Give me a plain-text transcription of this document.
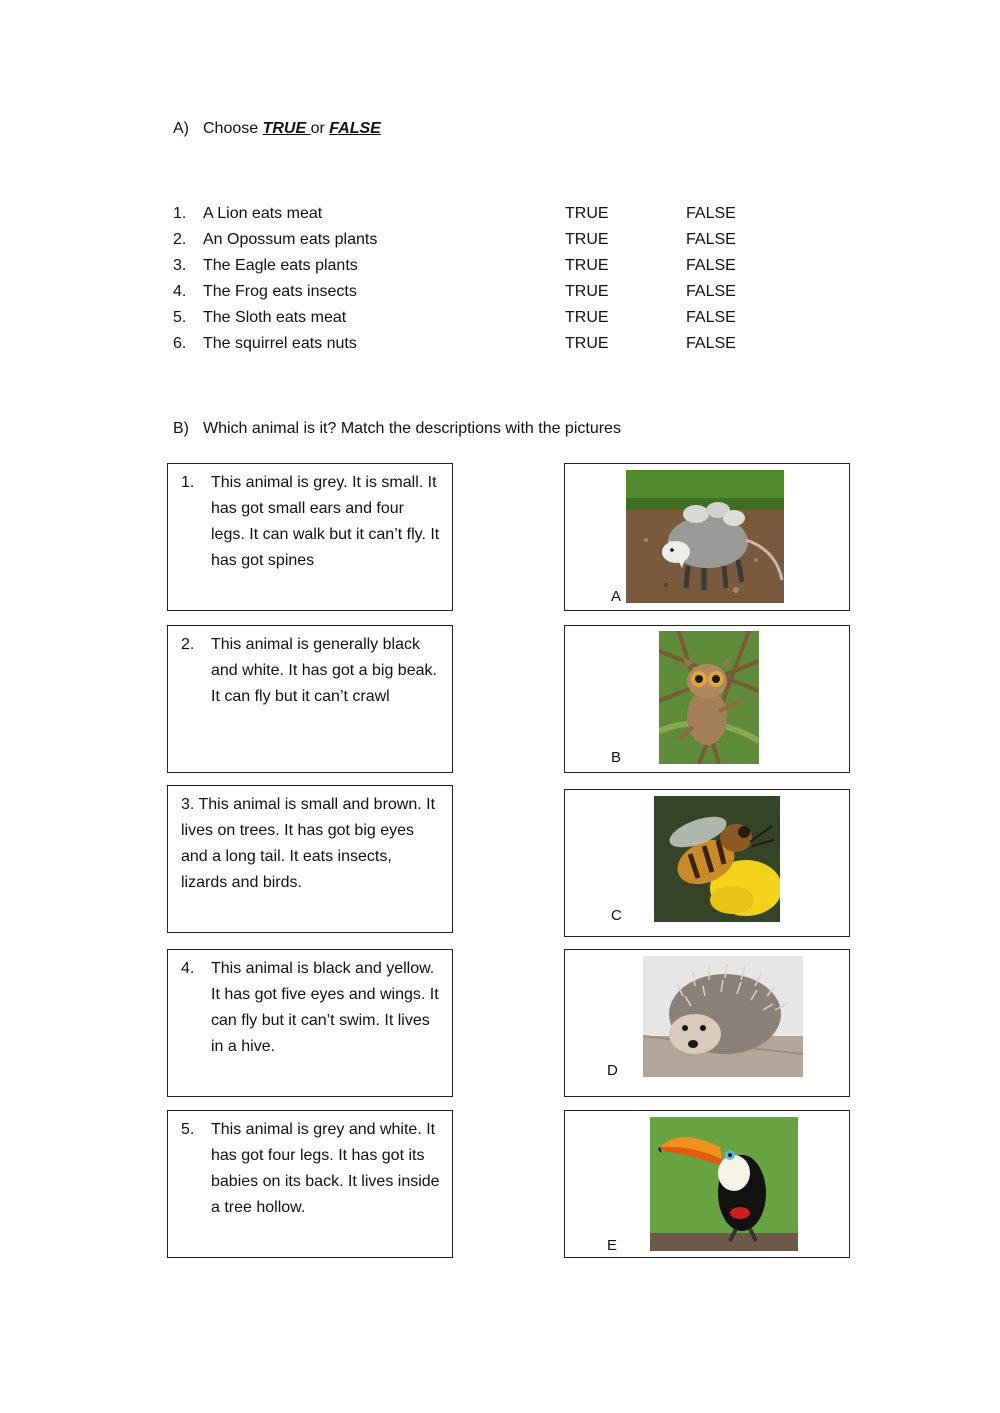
A) Choose TRUE or FALSE
1. A Lion eats meat	TRUE	FALSE
2. An Opossum eats plants	TRUE	FALSE
3. The Eagle eats plants	TRUE	FALSE
4. The Frog eats insects	TRUE	FALSE
5. The Sloth eats meat	TRUE	FALSE
6. The squirrel eats nuts	TRUE	FALSE
B) Which animal is it? Match the descriptions with the pictures
1. This animal is grey. It is small. It has got small ears and four legs. It can walk but it can’t fly. It has got spines
2. This animal is generally black and white. It has got a big beak. It can fly but it can’t crawl
3. This animal is small and brown. It lives on trees. It has got big eyes and a long tail. It eats insects, lizards and birds.
4. This animal is black and yellow. It has got five eyes and wings. It can fly but it can’t swim. It lives in a hive.
5. This animal is grey and white. It has got four legs. It has got its babies on its back. It lives inside a tree hollow.
A
B
C
D
E
